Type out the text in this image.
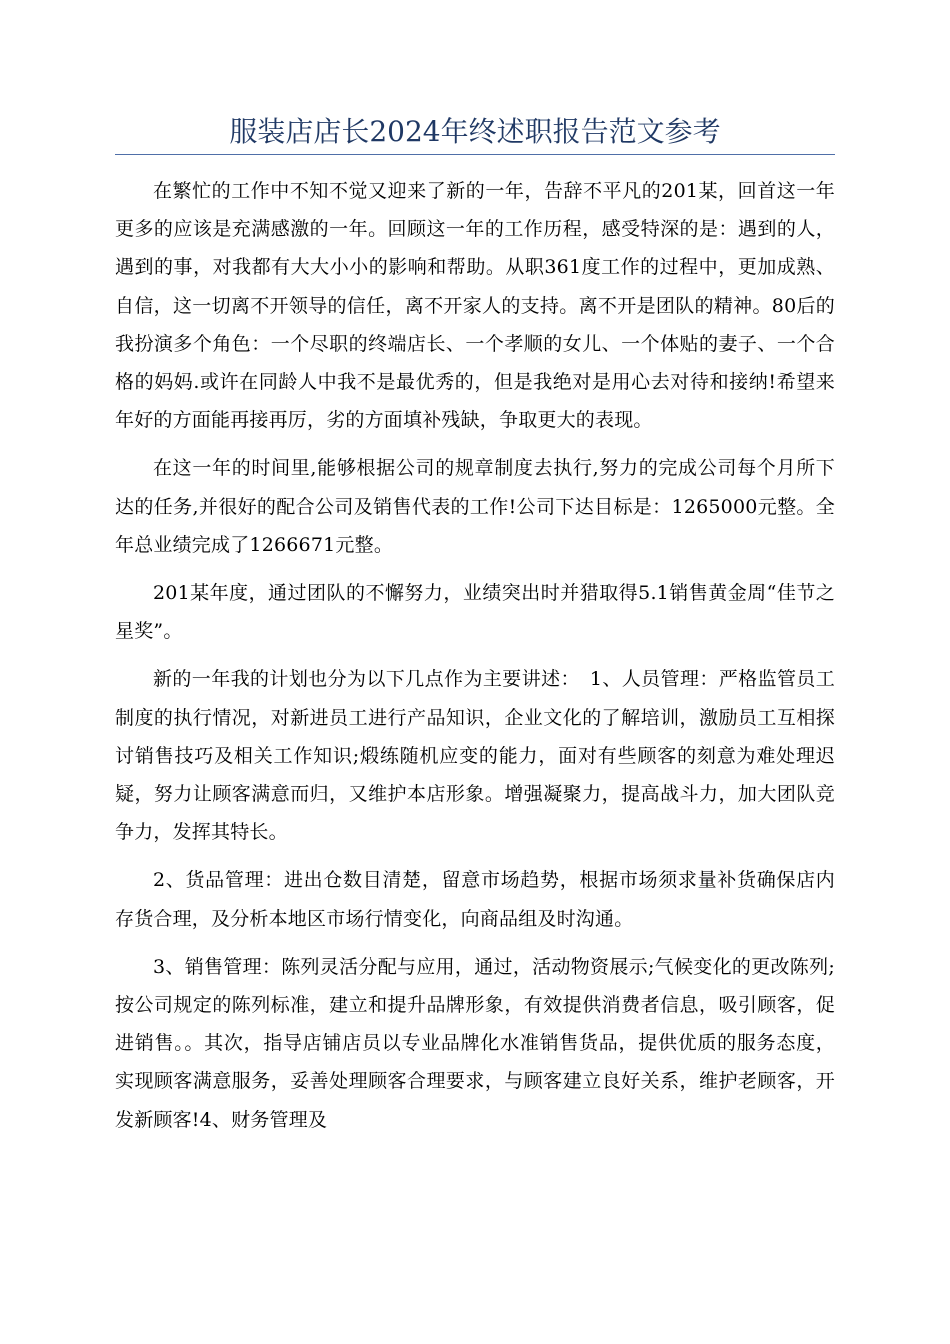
服装店店长2024年终述职报告范文参考

在繁忙的工作中不知不觉又迎来了新的一年，告辞不平凡的201某，回首这一年更多的应该是充满感激的一年。回顾这一年的工作历程，感受特深的是：遇到的人，遇到的事，对我都有大大小小的影响和帮助。从职361度工作的过程中，更加成熟、自信，这一切离不开领导的信任，离不开家人的支持。离不开是团队的精神。80后的我扮演多个角色：一个尽职的终端店长、一个孝顺的女儿、一个体贴的妻子、一个合格的妈妈.或许在同龄人中我不是最优秀的，但是我绝对是用心去对待和接纳!希望来年好的方面能再接再厉，劣的方面填补残缺，争取更大的表现。

在这一年的时间里,能够根据公司的规章制度去执行,努力的完成公司每个月所下达的任务,并很好的配合公司及销售代表的工作!公司下达目标是：1265000元整。全年总业绩完成了1266671元整。

201某年度，通过团队的不懈努力，业绩突出时并猎取得5.1销售黄金周“佳节之星奖”。

新的一年我的计划也分为以下几点作为主要讲述：　1、人员管理：严格监管员工制度的执行情况，对新进员工进行产品知识，企业文化的了解培训，激励员工互相探讨销售技巧及相关工作知识;煅练随机应变的能力，面对有些顾客的刻意为难处理迟疑，努力让顾客满意而归，又维护本店形象。增强凝聚力，提高战斗力，加大团队竞争力，发挥其特长。

2、货品管理：进出仓数目清楚，留意市场趋势，根据市场须求量补货确保店内存货合理，及分析本地区市场行情变化，向商品组及时沟通。

3、销售管理：陈列灵活分配与应用，通过，活动物资展示;气候变化的更改陈列;按公司规定的陈列标准，建立和提升品牌形象，有效提供消费者信息，吸引顾客，促进销售。。其次，指导店铺店员以专业品牌化水准销售货品，提供优质的服务态度，实现顾客满意服务，妥善处理顾客合理要求，与顾客建立良好关系，维护老顾客，开发新顾客!4、财务管理及
